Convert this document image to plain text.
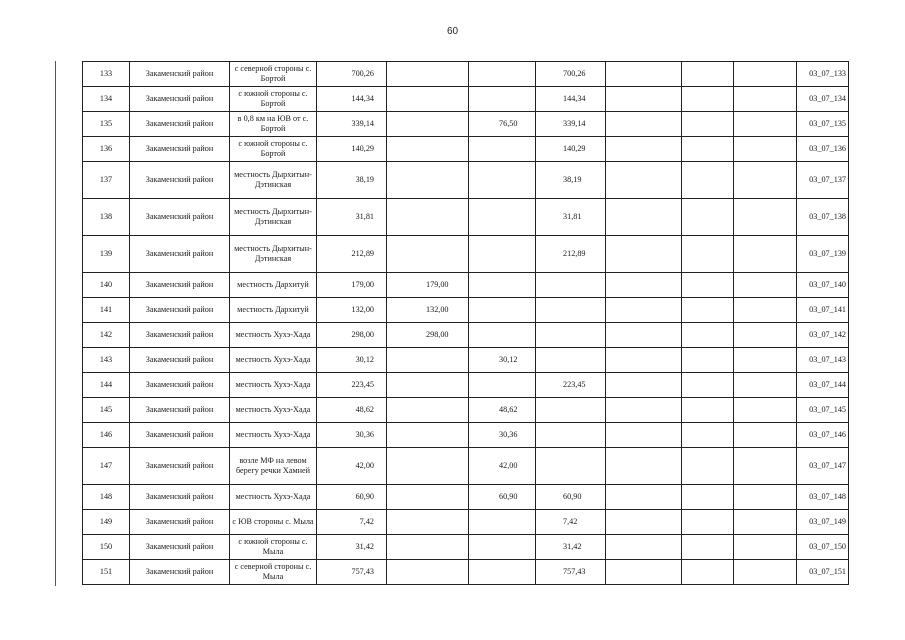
60
133	Закаменский район	с северной стороны с. Бортой	700,26			700,26				03_07_133
134	Закаменский район	с южной стороны с. Бортой	144,34			144,34				03_07_134
135	Закаменский район	в 0,8 км на ЮВ от с. Бортой	339,14		76,50	339,14				03_07_135
136	Закаменский район	с южной стороны с. Бортой	140,29			140,29				03_07_136
137	Закаменский район	местность Дырхитын-Дэтинская	38,19			38,19				03_07_137
138	Закаменский район	местность Дырхитын-Дэтинская	31,81			31,81				03_07_138
139	Закаменский район	местность Дырхитын-Дэтинская	212,89			212,89				03_07_139
140	Закаменский район	местность Дархитуй	179,00	179,00						03_07_140
141	Закаменский район	местность Дархитуй	132,00	132,00						03_07_141
142	Закаменский район	местность Хухэ-Хада	298,00	298,00						03_07_142
143	Закаменский район	местность Хухэ-Хада	30,12		30,12					03_07_143
144	Закаменский район	местность Хухэ-Хада	223,45			223,45				03_07_144
145	Закаменский район	местность Хухэ-Хада	48,62		48,62					03_07_145
146	Закаменский район	местность Хухэ-Хада	30,36		30,36					03_07_146
147	Закаменский район	возле МФ на левом берегу речки Хамней	42,00		42,00					03_07_147
148	Закаменский район	местность Хухэ-Хада	60,90		60,90	60,90				03_07_148
149	Закаменский район	с ЮВ стороны с. Мыла	7,42			7,42				03_07_149
150	Закаменский район	с южной стороны с. Мыла	31,42			31,42				03_07_150
151	Закаменский район	с северной стороны с. Мыла	757,43			757,43				03_07_151
